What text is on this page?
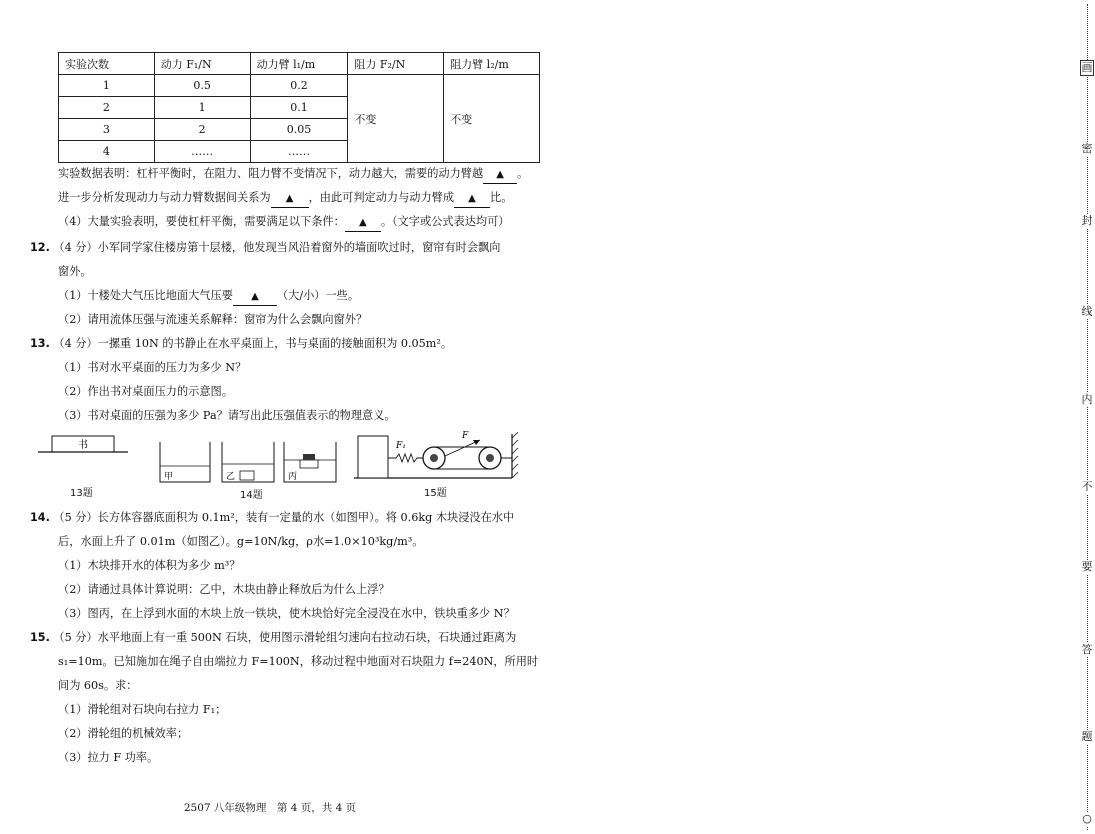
画
密
封
线
内
不
要
答
题
○
实验次数	动力 F₁/N	动力臂 l₁/m	阻力 F₂/N	阻力臂 l₂/m
1	0.5	0.2	不变	不变
2	1	0.1		
3	2	0.05		
4	……	……		
实验数据表明：杠杆平衡时，在阻力、阻力臂不变情况下，动力越大，需要的动力臂越 ▲ 。
进一步分析发现动力与动力臂数据间关系为 ▲ ，由此可判定动力与动力臂成 ▲ 比。
（4）大量实验表明，要使杠杆平衡，需要满足以下条件： ▲ 。（文字或公式表达均可）
12. （4 分）小军同学家住楼房第十层楼，他发现当风沿着窗外的墙面吹过时，窗帘有时会飘向
窗外。
（1）十楼处大气压比地面大气压要 ▲ （大/小）一些。
（2）请用流体压强与流速关系解释：窗帘为什么会飘向窗外？
13. （4 分）一摞重 10N 的书静止在水平桌面上，书与桌面的接触面积为 0.05m²。
（1）书对水平桌面的压力为多少 N？
（2）作出书对桌面压力的示意图。
（3）书对桌面的压强为多少 Pa？请写出此压强值表示的物理意义。
书
13题
甲	乙	丙
14题
F₁
F
15题
14. （5 分）长方体容器底面积为 0.1m²，装有一定量的水（如图甲）。将 0.6kg 木块浸没在水中
后，水面上升了 0.01m（如图乙）。g=10N/kg，ρ水=1.0×10³kg/m³。
（1）木块排开水的体积为多少 m³？
（2）请通过具体计算说明：乙中，木块由静止释放后为什么上浮？
（3）图丙，在上浮到水面的木块上放一铁块，使木块恰好完全浸没在水中，铁块重多少 N？
15. （5 分）水平地面上有一重 500N 石块，使用图示滑轮组匀速向右拉动石块，石块通过距离为
s₁=10m。已知施加在绳子自由端拉力 F=100N，移动过程中地面对石块阻力 f=240N，所用时
间为 60s。求：
（1）滑轮组对石块向右拉力 F₁；
（2）滑轮组的机械效率；
（3）拉力 F 功率。
2507 八年级物理　第 4 页，共 4 页
